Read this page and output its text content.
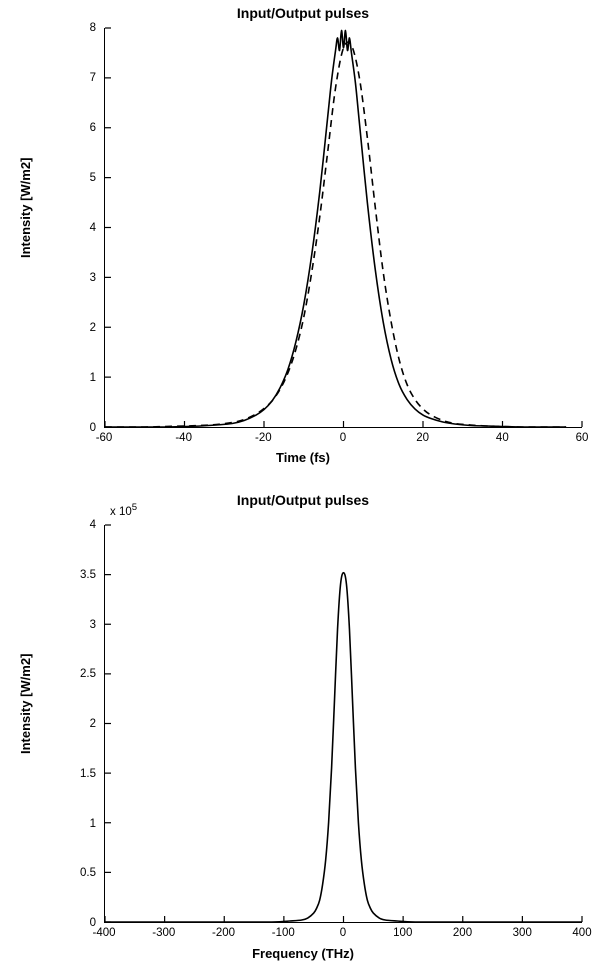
Input/Output pulses
Intensity [W/m2]
0
1
2
3
4
5
6
7
8
-60	-40	-20	0	20	40	60
Time (fs)
Input/Output pulses
x $10^5$
Intensity [W/m2]
0
0.5
1
1.5
2
2.5
3
3.5
4
-400	-300	-200	-100	0	100	200	300	400
Frequency (THz)
